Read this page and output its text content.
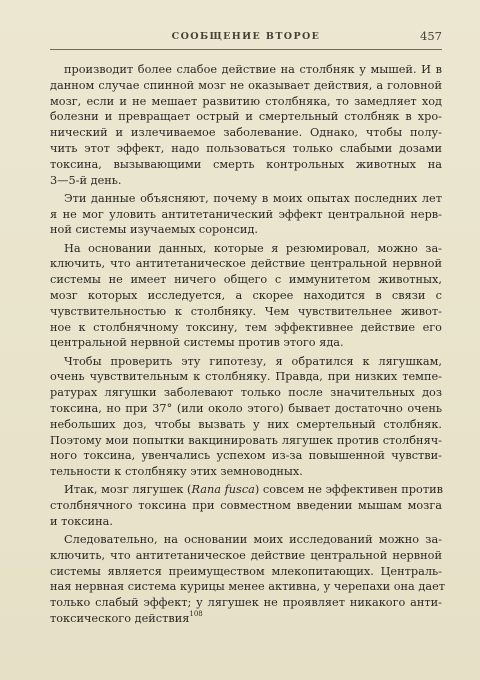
СООБЩЕНИЕ ВТОРОЕ	457
производит более слабое действие на столбняк у мышей. И в
данном случае спинной мозг не оказывает действия, а головной
мозг, если и не мешает развитию столбняка, то замедляет ход
болезни и превращает острый и смертельный столбняк в хро-
нический и излечиваемое заболевание. Однако, чтобы полу-
чить этот эффект, надо пользоваться только слабыми дозами
токсина, вызывающими смерть контрольных животных на
3—5-й день.
Эти данные объясняют, почему в моих опытах последних лет
я не мог уловить антитетанический эффект центральной нерв-
ной системы изучаемых соронсид.
На основании данных, которые я резюмировал, можно за-
ключить, что антитетаническое действие центральной нервной
системы не имеет ничего общего с иммунитетом животных,
мозг которых исследуется, а скорее находится в связи с
чувствительностью к столбняку. Чем чувствительнее живот-
ное к столбнячному токсину, тем эффективнее действие его
центральной нервной системы против этого яда.
Чтобы проверить эту гипотезу, я обратился к лягушкам,
очень чувствительным к столбняку. Правда, при низких темпе-
ратурах лягушки заболевают только после значительных доз
токсина, но при 37° (или около этого) бывает достаточно очень
небольших доз, чтобы вызвать у них смертельный столбняк.
Поэтому мои попытки вакцинировать лягушек против столбняч-
ного токсина, увенчались успехом из-за повышенной чувстви-
тельности к столбняку этих земноводных.
Итак, мозг лягушек (Rana fusca) совсем не эффективен против
столбнячного токсина при совместном введении мышам мозга
и токсина.
Следовательно, на основании моих исследований можно за-
ключить, что антитетаническое действие центральной нервной
системы является преимуществом млекопитающих. Централь-
ная нервная система курицы менее активна, у черепахи она дает
только слабый эффект; у лягушек не проявляет никакого анти-
токсического действия$^{108}$
